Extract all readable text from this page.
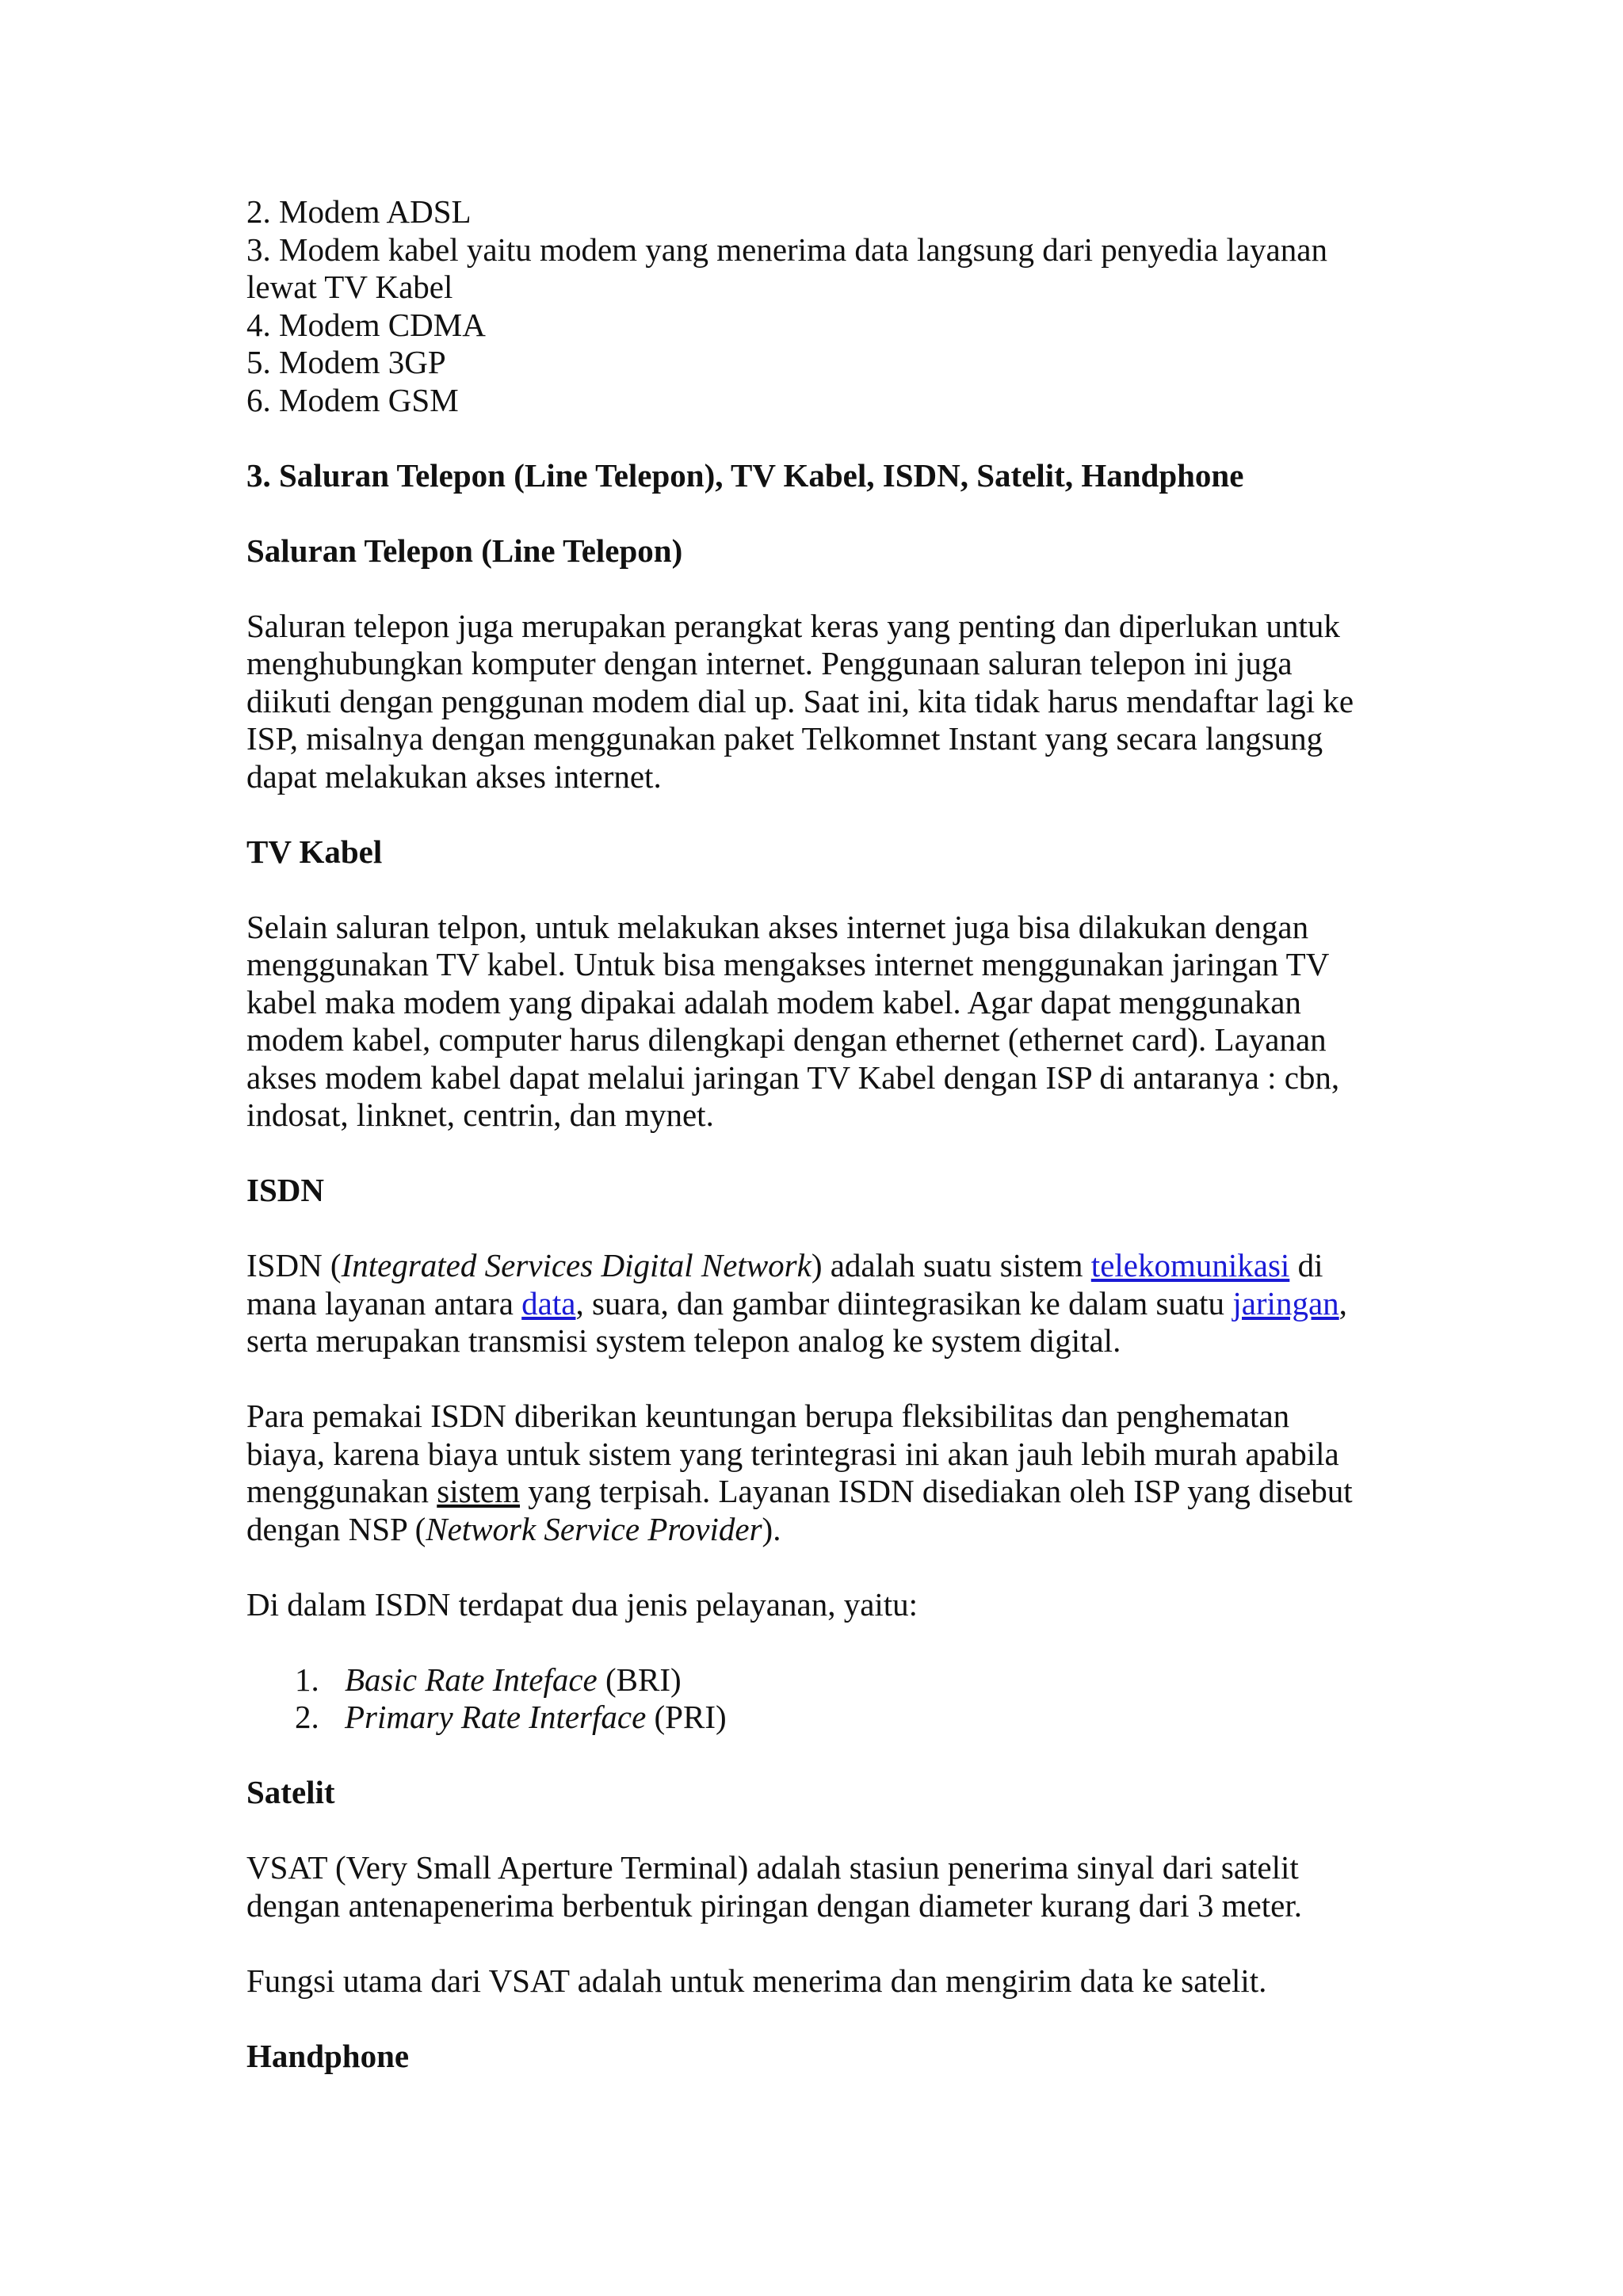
2. Modem ADSL
3. Modem kabel yaitu modem yang menerima data langsung dari penyedia layanan
lewat TV Kabel
4. Modem CDMA
5. Modem 3GP
6. Modem GSM
3. Saluran Telepon (Line Telepon), TV Kabel, ISDN, Satelit, Handphone
Saluran Telepon (Line Telepon)
Saluran telepon juga merupakan perangkat keras yang penting dan diperlukan untuk
menghubungkan komputer dengan internet. Penggunaan saluran telepon ini juga
diikuti dengan penggunan modem dial up. Saat ini, kita tidak harus mendaftar lagi ke
ISP, misalnya dengan menggunakan paket Telkomnet Instant yang secara langsung
dapat melakukan akses internet.
TV Kabel
Selain saluran telpon, untuk melakukan akses internet juga bisa dilakukan dengan
menggunakan TV kabel. Untuk bisa mengakses internet menggunakan jaringan TV
kabel maka modem yang dipakai adalah modem kabel. Agar dapat menggunakan
modem kabel, computer harus dilengkapi dengan ethernet (ethernet card). Layanan
akses modem kabel dapat melalui jaringan TV Kabel dengan ISP di antaranya : cbn,
indosat, linknet, centrin, dan mynet.
ISDN
ISDN (Integrated Services Digital Network) adalah suatu sistem telekomunikasi di
mana layanan antara data, suara, dan gambar diintegrasikan ke dalam suatu jaringan,
serta merupakan transmisi system telepon analog ke system digital.
Para pemakai ISDN diberikan keuntungan berupa fleksibilitas dan penghematan
biaya, karena biaya untuk sistem yang terintegrasi ini akan jauh lebih murah apabila
menggunakan sistem yang terpisah. Layanan ISDN disediakan oleh ISP yang disebut
dengan NSP (Network Service Provider).
Di dalam ISDN terdapat dua jenis pelayanan, yaitu:
1. Basic Rate Inteface (BRI)
2. Primary Rate Interface (PRI)
Satelit
VSAT (Very Small Aperture Terminal) adalah stasiun penerima sinyal dari satelit
dengan antenapenerima berbentuk piringan dengan diameter kurang dari 3 meter.
Fungsi utama dari VSAT adalah untuk menerima dan mengirim data ke satelit.
Handphone
